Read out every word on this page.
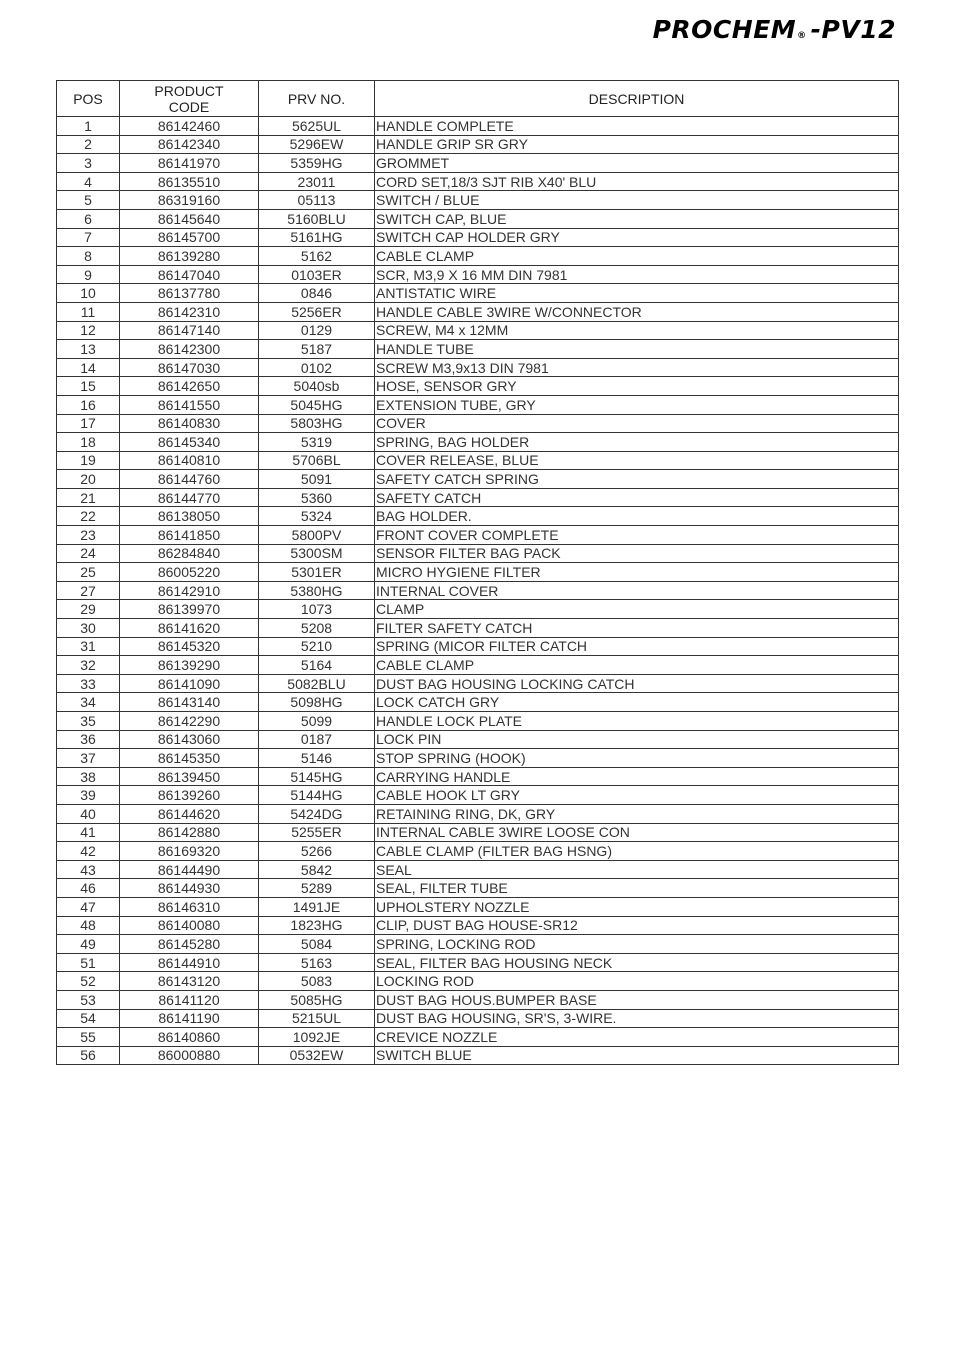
PROCHEM® -PV12
POS	PRODUCT CODE	PRV NO.	DESCRIPTION
1	86142460	5625UL	HANDLE COMPLETE
2	86142340	5296EW	HANDLE GRIP SR GRY
3	86141970	5359HG	GROMMET
4	86135510	23011	CORD SET,18/3 SJT RIB X40' BLU
5	86319160	05113	SWITCH / BLUE
6	86145640	5160BLU	SWITCH CAP, BLUE
7	86145700	5161HG	SWITCH CAP HOLDER GRY
8	86139280	5162	CABLE CLAMP
9	86147040	0103ER	SCR, M3,9 X 16 MM DIN 7981
10	86137780	0846	ANTISTATIC WIRE
11	86142310	5256ER	HANDLE CABLE 3WIRE W/CONNECTOR
12	86147140	0129	SCREW, M4 x 12MM
13	86142300	5187	HANDLE TUBE
14	86147030	0102	SCREW M3,9x13 DIN 7981
15	86142650	5040sb	HOSE, SENSOR GRY
16	86141550	5045HG	EXTENSION TUBE, GRY
17	86140830	5803HG	COVER
18	86145340	5319	SPRING, BAG HOLDER
19	86140810	5706BL	COVER RELEASE, BLUE
20	86144760	5091	SAFETY CATCH SPRING
21	86144770	5360	SAFETY CATCH
22	86138050	5324	BAG HOLDER.
23	86141850	5800PV	FRONT COVER COMPLETE
24	86284840	5300SM	SENSOR FILTER BAG PACK
25	86005220	5301ER	MICRO HYGIENE FILTER
27	86142910	5380HG	INTERNAL COVER
29	86139970	1073	CLAMP
30	86141620	5208	FILTER SAFETY CATCH
31	86145320	5210	SPRING (MICOR FILTER CATCH
32	86139290	5164	CABLE CLAMP
33	86141090	5082BLU	DUST BAG HOUSING LOCKING CATCH
34	86143140	5098HG	LOCK CATCH GRY
35	86142290	5099	HANDLE LOCK PLATE
36	86143060	0187	LOCK PIN
37	86145350	5146	STOP SPRING (HOOK)
38	86139450	5145HG	CARRYING HANDLE
39	86139260	5144HG	CABLE HOOK LT GRY
40	86144620	5424DG	RETAINING RING, DK, GRY
41	86142880	5255ER	INTERNAL CABLE 3WIRE LOOSE CON
42	86169320	5266	CABLE CLAMP (FILTER BAG HSNG)
43	86144490	5842	SEAL
46	86144930	5289	SEAL, FILTER TUBE
47	86146310	1491JE	UPHOLSTERY NOZZLE
48	86140080	1823HG	CLIP, DUST BAG HOUSE-SR12
49	86145280	5084	SPRING, LOCKING ROD
51	86144910	5163	SEAL, FILTER BAG HOUSING NECK
52	86143120	5083	LOCKING ROD
53	86141120	5085HG	DUST BAG HOUS.BUMPER BASE
54	86141190	5215UL	DUST BAG HOUSING, SR'S, 3-WIRE.
55	86140860	1092JE	CREVICE NOZZLE
56	86000880	0532EW	SWITCH BLUE
